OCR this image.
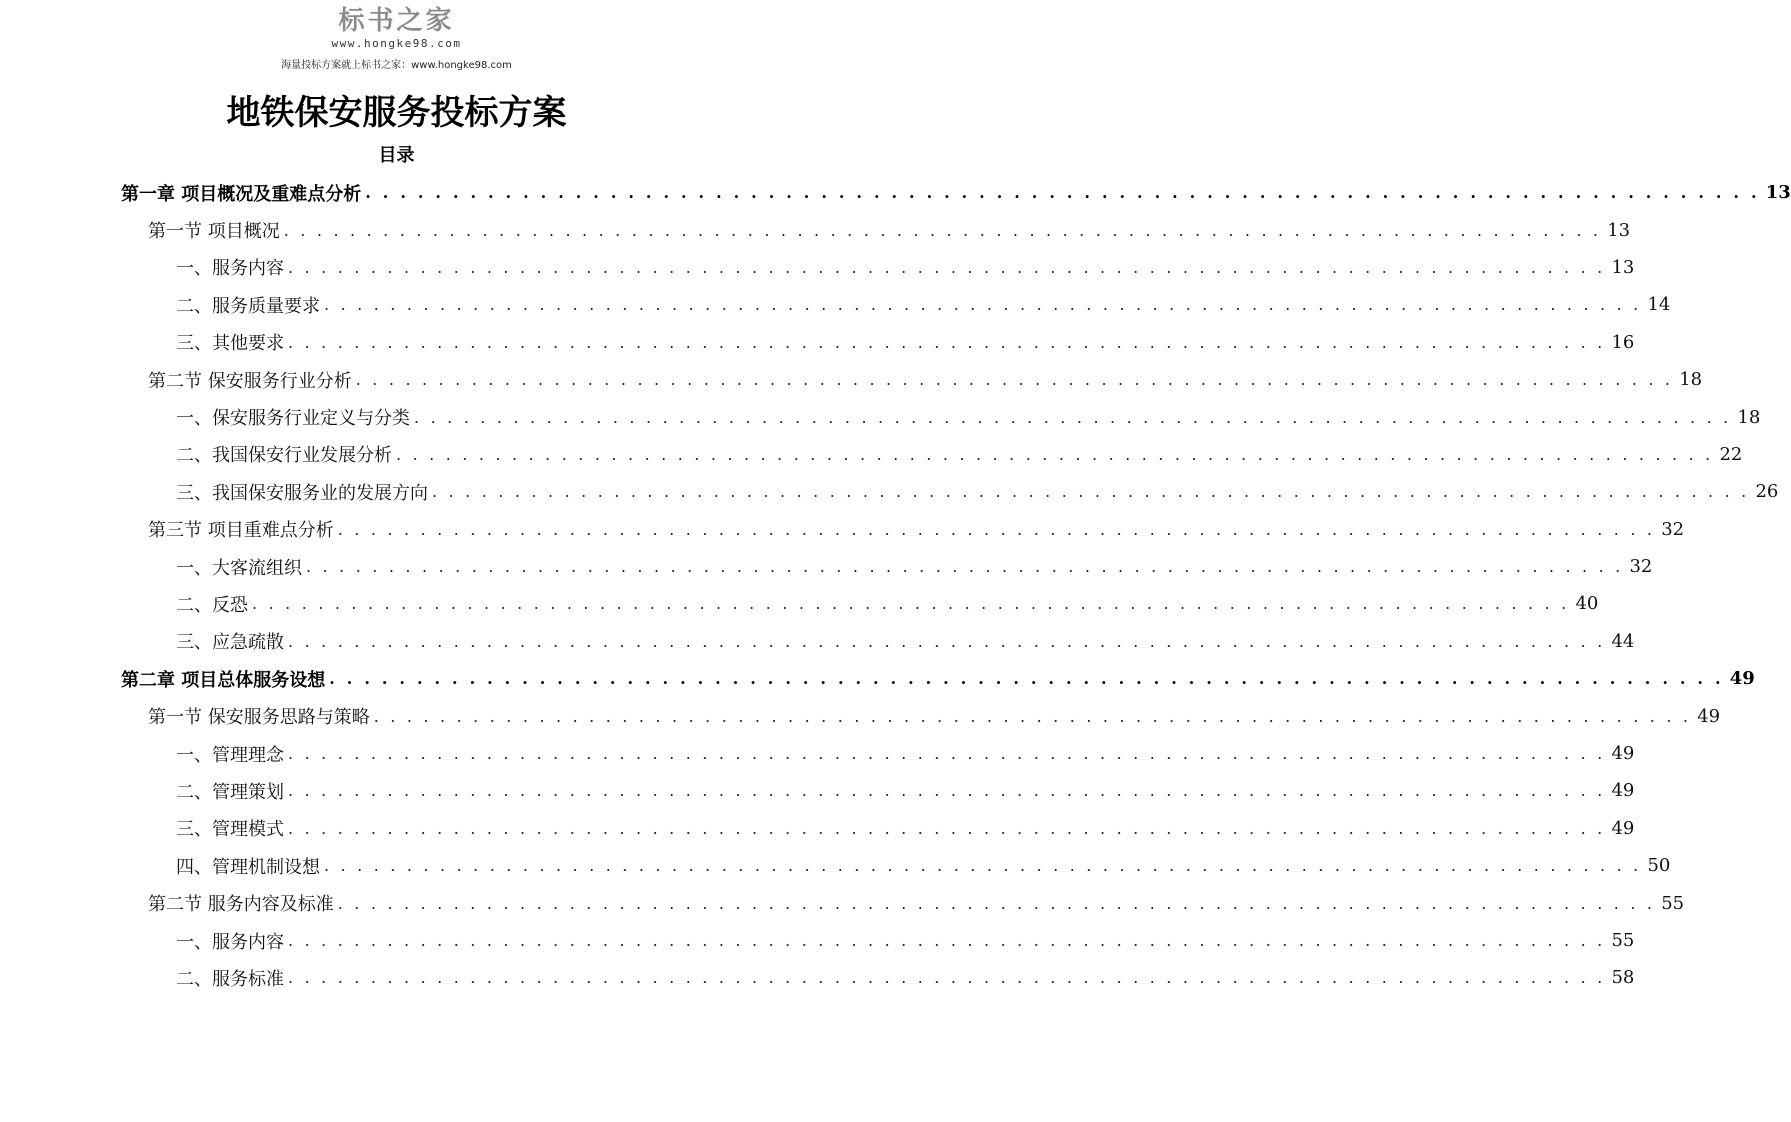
标书之家
www.hongke98.com
海量投标方案就上标书之家：www.hongke98.com
地铁保安服务投标方案
目录
第一章 项目概况及重难点分析 . . . . . . . . . . . . . . . . . . . . . . . . . . . . . . . . . . . . . . . . . . . . . . . . . . . . . . . . . . . . . . . . . . . . . . . . . . . . . . . . 13
第一节 项目概况 . . . . . . . . . . . . . . . . . . . . . . . . . . . . . . . . . . . . . . . . . . . . . . . . . . . . . . . . . . . . . . . . . . . . . . . . . . . . . . . . 13
一、服务内容 . . . . . . . . . . . . . . . . . . . . . . . . . . . . . . . . . . . . . . . . . . . . . . . . . . . . . . . . . . . . . . . . . . . . . . . . . . . . . . . . 13
二、服务质量要求 . . . . . . . . . . . . . . . . . . . . . . . . . . . . . . . . . . . . . . . . . . . . . . . . . . . . . . . . . . . . . . . . . . . . . . . . . . . . . . . . 14
三、其他要求 . . . . . . . . . . . . . . . . . . . . . . . . . . . . . . . . . . . . . . . . . . . . . . . . . . . . . . . . . . . . . . . . . . . . . . . . . . . . . . . . 16
第二节 保安服务行业分析 . . . . . . . . . . . . . . . . . . . . . . . . . . . . . . . . . . . . . . . . . . . . . . . . . . . . . . . . . . . . . . . . . . . . . . . . . . . . . . . . 18
一、保安服务行业定义与分类 . . . . . . . . . . . . . . . . . . . . . . . . . . . . . . . . . . . . . . . . . . . . . . . . . . . . . . . . . . . . . . . . . . . . . . . . . . . . . . . . 18
二、我国保安行业发展分析 . . . . . . . . . . . . . . . . . . . . . . . . . . . . . . . . . . . . . . . . . . . . . . . . . . . . . . . . . . . . . . . . . . . . . . . . . . . . . . . . 22
三、我国保安服务业的发展方向 . . . . . . . . . . . . . . . . . . . . . . . . . . . . . . . . . . . . . . . . . . . . . . . . . . . . . . . . . . . . . . . . . . . . . . . . . . . . . . . . 26
第三节 项目重难点分析 . . . . . . . . . . . . . . . . . . . . . . . . . . . . . . . . . . . . . . . . . . . . . . . . . . . . . . . . . . . . . . . . . . . . . . . . . . . . . . . . 32
一、大客流组织 . . . . . . . . . . . . . . . . . . . . . . . . . . . . . . . . . . . . . . . . . . . . . . . . . . . . . . . . . . . . . . . . . . . . . . . . . . . . . . . . 32
二、反恐 . . . . . . . . . . . . . . . . . . . . . . . . . . . . . . . . . . . . . . . . . . . . . . . . . . . . . . . . . . . . . . . . . . . . . . . . . . . . . . . . 40
三、应急疏散 . . . . . . . . . . . . . . . . . . . . . . . . . . . . . . . . . . . . . . . . . . . . . . . . . . . . . . . . . . . . . . . . . . . . . . . . . . . . . . . . 44
第二章 项目总体服务设想 . . . . . . . . . . . . . . . . . . . . . . . . . . . . . . . . . . . . . . . . . . . . . . . . . . . . . . . . . . . . . . . . . . . . . . . . . . . . . . . . 49
第一节 保安服务思路与策略 . . . . . . . . . . . . . . . . . . . . . . . . . . . . . . . . . . . . . . . . . . . . . . . . . . . . . . . . . . . . . . . . . . . . . . . . . . . . . . . . 49
一、管理理念 . . . . . . . . . . . . . . . . . . . . . . . . . . . . . . . . . . . . . . . . . . . . . . . . . . . . . . . . . . . . . . . . . . . . . . . . . . . . . . . . 49
二、管理策划 . . . . . . . . . . . . . . . . . . . . . . . . . . . . . . . . . . . . . . . . . . . . . . . . . . . . . . . . . . . . . . . . . . . . . . . . . . . . . . . . 49
三、管理模式 . . . . . . . . . . . . . . . . . . . . . . . . . . . . . . . . . . . . . . . . . . . . . . . . . . . . . . . . . . . . . . . . . . . . . . . . . . . . . . . . 49
四、管理机制设想 . . . . . . . . . . . . . . . . . . . . . . . . . . . . . . . . . . . . . . . . . . . . . . . . . . . . . . . . . . . . . . . . . . . . . . . . . . . . . . . . 50
第二节 服务内容及标准 . . . . . . . . . . . . . . . . . . . . . . . . . . . . . . . . . . . . . . . . . . . . . . . . . . . . . . . . . . . . . . . . . . . . . . . . . . . . . . . . 55
一、服务内容 . . . . . . . . . . . . . . . . . . . . . . . . . . . . . . . . . . . . . . . . . . . . . . . . . . . . . . . . . . . . . . . . . . . . . . . . . . . . . . . . 55
二、服务标准 . . . . . . . . . . . . . . . . . . . . . . . . . . . . . . . . . . . . . . . . . . . . . . . . . . . . . . . . . . . . . . . . . . . . . . . . . . . . . . . . 58
